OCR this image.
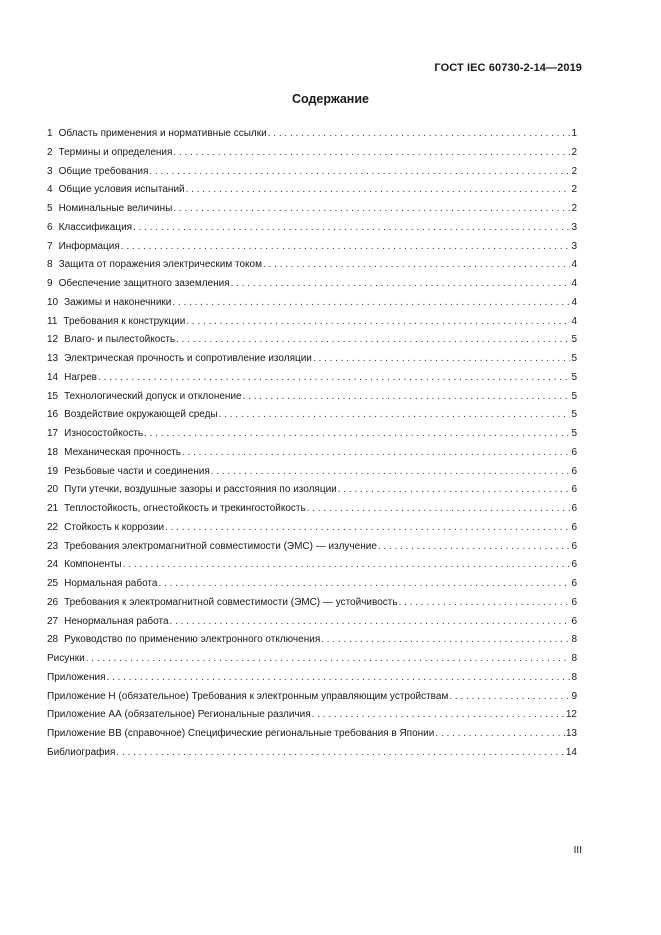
ГОСТ IEC 60730-2-14—2019
Содержание
1 Область применения и нормативные ссылки . . .	1
2 Термины и определения . . .	2
3 Общие требования . . .	2
4 Общие условия испытаний . . .	2
5 Номинальные величины . . .	2
6 Классификация . . .	3
7 Информация . . .	3
8 Защита от поражения электрическим током . . .	4
9 Обеспечение защитного заземления . . .	4
10 Зажимы и наконечники . . .	4
11 Требования к конструкции . . .	4
12 Влаго- и пылестойкость . . .	5
13 Электрическая прочность и сопротивление изоляции . . .	5
14 Нагрев . . .	5
15 Технологический допуск и отклонение . . .	5
16 Воздействие окружающей среды . . .	5
17 Износостойкость . . .	5
18 Механическая прочность . . .	6
19 Резьбовые части и соединения . . .	6
20 Пути утечки, воздушные зазоры и расстояния по изоляции . . .	6
21 Теплостойкость, огнестойкость и трекингостойкость . . .	6
22 Стойкость к коррозии . . .	6
23 Требования электромагнитной совместимости (ЭМС) — излучение . . .	6
24 Компоненты . . .	6
25 Нормальная работа . . .	6
26 Требования к электромагнитной совместимости (ЭМС) — устойчивость . . .	6
27 Ненормальная работа . . .	6
28 Руководство по применению электронного отключения . . .	8
Рисунки . . .	8
Приложения . . .	8
Приложение Н (обязательное) Требования к электронным управляющим устройствам . . .	9
Приложение АА (обязательное) Региональные различия . . .	12
Приложение ВВ (справочное) Специфические региональные требования в Японии . . .	13
Библиография . . .	14
III
